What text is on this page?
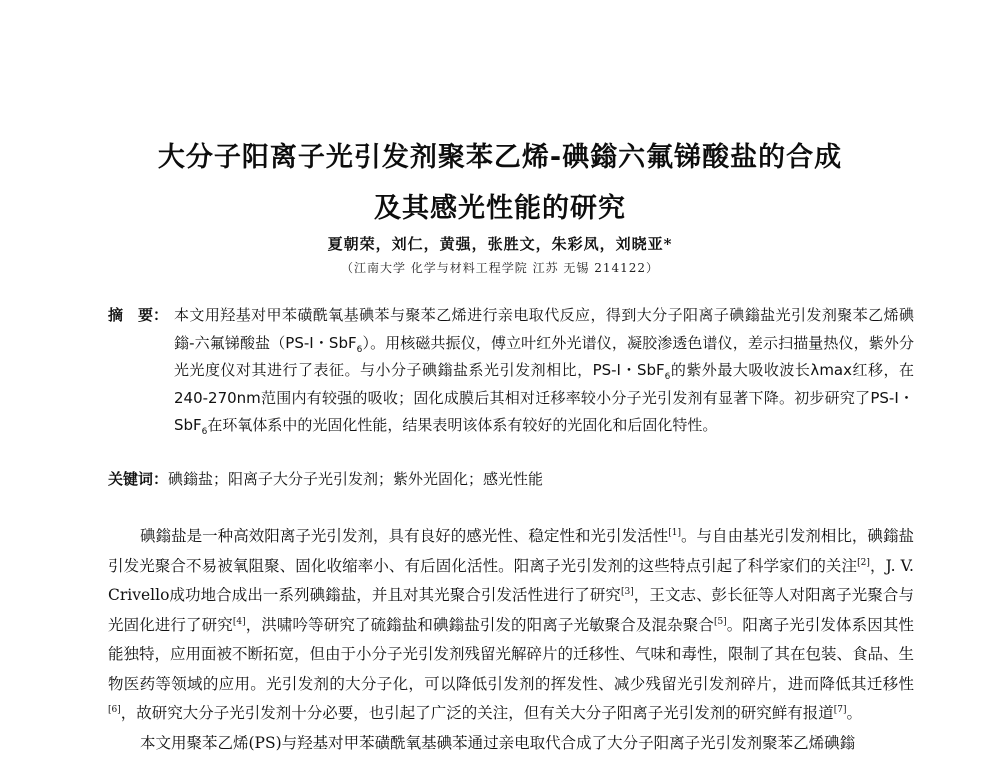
大分子阳离子光引发剂聚苯乙烯-碘鎓六氟锑酸盐的合成
及其感光性能的研究
夏朝荣，刘仁，黄强，张胜文，朱彩凤，刘晓亚*
（江南大学 化学与材料工程学院 江苏 无锡 214122）
摘　要： 本文用羟基对甲苯磺酰氧基碘苯与聚苯乙烯进行亲电取代反应，得到大分子阳离子碘鎓盐光引发剂聚苯乙烯碘鎓-六氟锑酸盐（PS-I・SbF$_6$）。用核磁共振仪，傅立叶红外光谱仪，凝胶渗透色谱仪，差示扫描量热仪，紫外分光光度仪对其进行了表征。与小分子碘鎓盐系光引发剂相比，PS-I・SbF$_6$的紫外最大吸收波长λmax红移，在240-270nm范围内有较强的吸收；固化成膜后其相对迁移率较小分子光引发剂有显著下降。初步研究了PS-I・SbF$_6$在环氧体系中的光固化性能，结果表明该体系有较好的光固化和后固化特性。
关键词：碘鎓盐；阳离子大分子光引发剂；紫外光固化；感光性能

碘鎓盐是一种高效阳离子光引发剂，具有良好的感光性、稳定性和光引发活性[1]。与自由基光引发剂相比，碘鎓盐引发光聚合不易被氧阻聚、固化收缩率小、有后固化活性。阳离子光引发剂的这些特点引起了科学家们的关注[2]，J. V. Crivello成功地合成出一系列碘鎓盐，并且对其光聚合引发活性进行了研究[3]，王文志、彭长征等人对阳离子光聚合与光固化进行了研究[4]，洪啸吟等研究了硫鎓盐和碘鎓盐引发的阳离子光敏聚合及混杂聚合[5]。阳离子光引发体系因其性能独特，应用面被不断拓宽，但由于小分子光引发剂残留光解碎片的迁移性、气味和毒性，限制了其在包装、食品、生物医药等领域的应用。光引发剂的大分子化，可以降低引发剂的挥发性、减少残留光引发剂碎片，进而降低其迁移性[6]，故研究大分子光引发剂十分必要，也引起了广泛的关注，但有关大分子阳离子光引发剂的研究鲜有报道[7]。

本文用聚苯乙烯(PS)与羟基对甲苯磺酰氧基碘苯通过亲电取代合成了大分子阳离子光引发剂聚苯乙烯碘鎓
